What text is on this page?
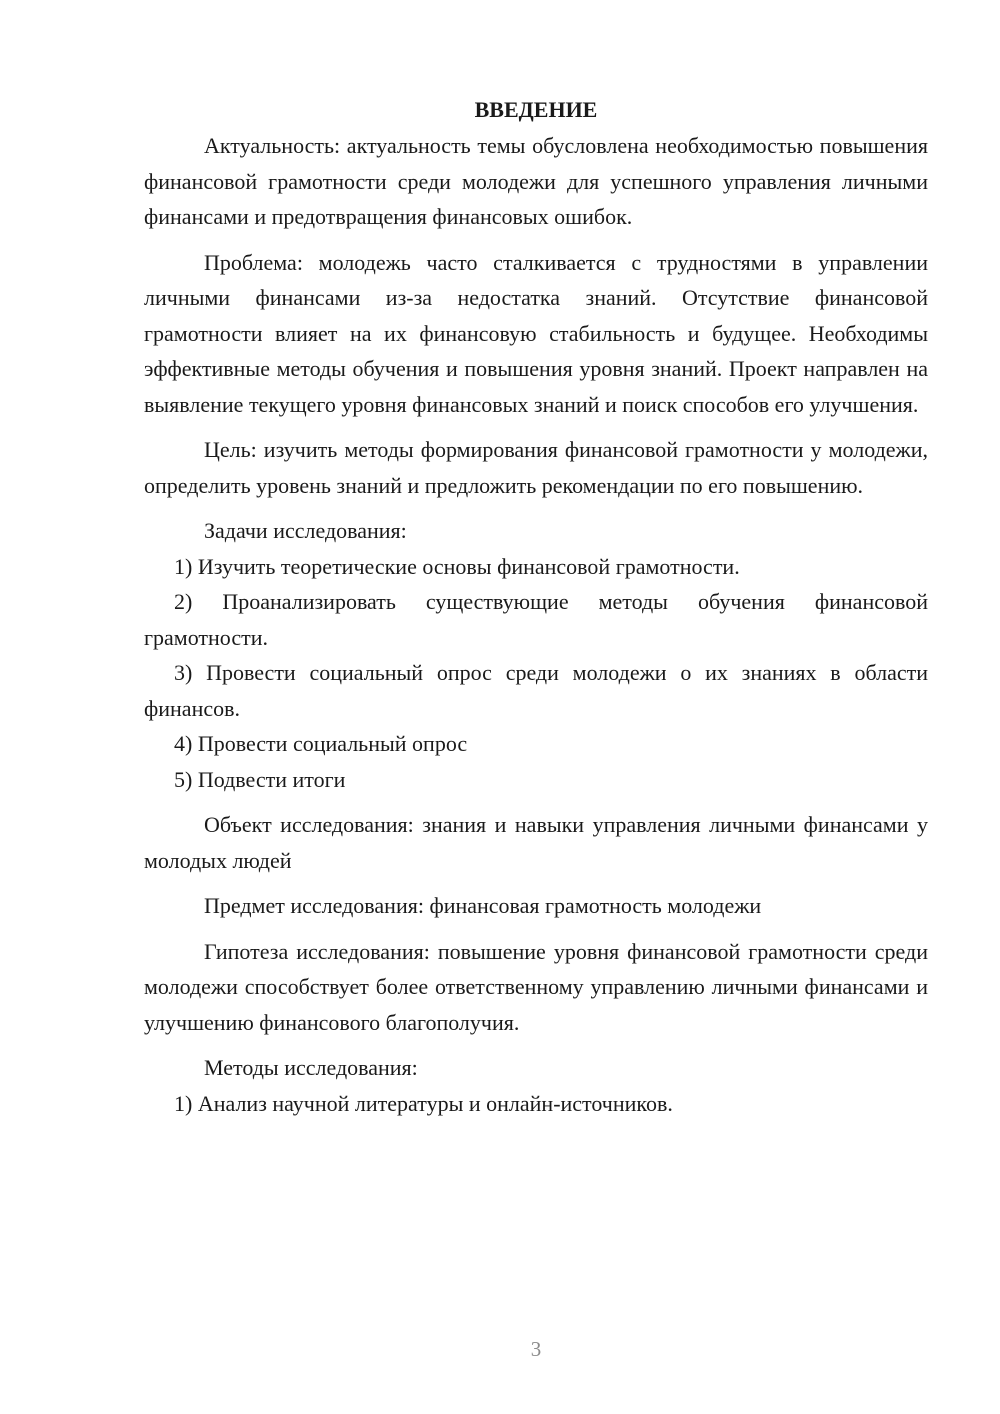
ВВЕДЕНИЕ

Актуальность: актуальность темы обусловлена необходимостью повышения финансовой грамотности среди молодежи для успешного управления личными финансами и предотвращения финансовых ошибок.

Проблема: молодежь часто сталкивается с трудностями в управлении личными финансами из-за недостатка знаний. Отсутствие финансовой грамотности влияет на их финансовую стабильность и будущее. Необходимы эффективные методы обучения и повышения уровня знаний. Проект направлен на выявление текущего уровня финансовых знаний и поиск способов его улучшения.

Цель: изучить методы формирования финансовой грамотности у молодежи, определить уровень знаний и предложить рекомендации по его повышению.

Задачи исследования:

1) Изучить теоретические основы финансовой грамотности.

2) Проанализировать существующие методы обучения финансовой грамотности.

3) Провести социальный опрос среди молодежи о их знаниях в области финансов.

4) Провести социальный опрос

5) Подвести итоги

Объект исследования: знания и навыки управления личными финансами у молодых людей

Предмет исследования: финансовая грамотность молодежи

Гипотеза исследования: повышение уровня финансовой грамотности среди молодежи способствует более ответственному управлению личными финансами и улучшению финансового благополучия.

Методы исследования:

1) Анализ научной литературы и онлайн-источников.

3
